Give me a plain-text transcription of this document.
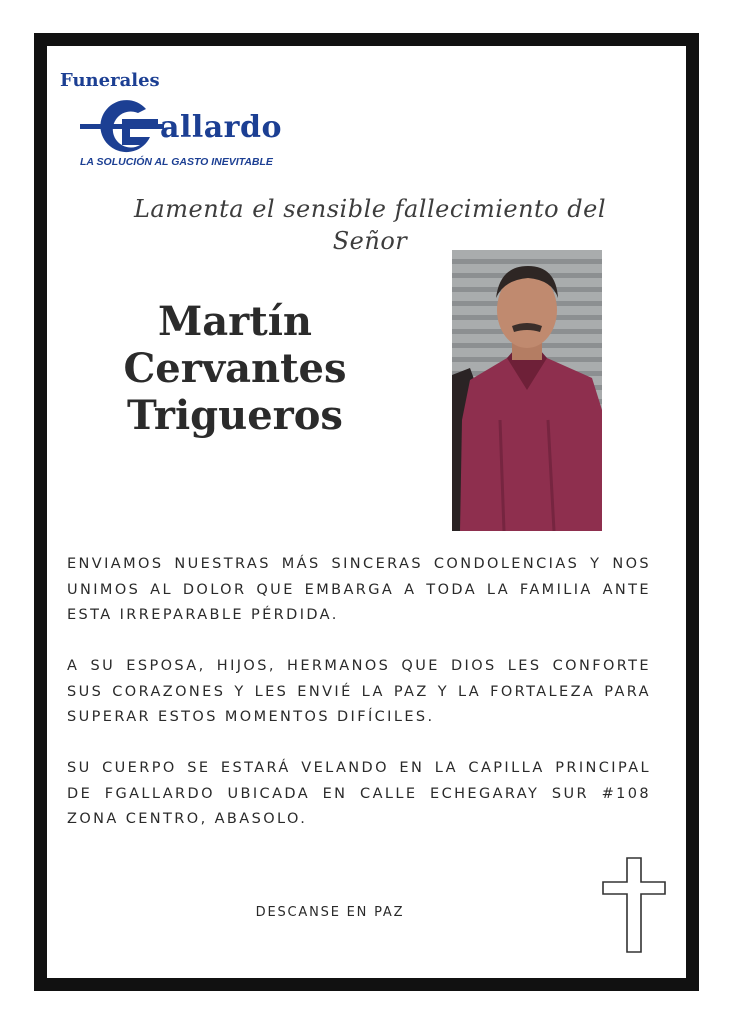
Funerales
allardo
LA SOLUCIÓN AL GASTO INEVITABLE
Lamenta el sensible fallecimiento del
Señor
Martín
Cervantes
Trigueros

ENVIAMOS NUESTRAS MÁS SINCERAS CONDOLENCIAS Y NOS UNIMOS AL DOLOR QUE EMBARGA A TODA LA FAMILIA ANTE ESTA IRREPARABLE PÉRDIDA.

A SU ESPOSA, HIJOS, HERMANOS QUE DIOS LES CONFORTE SUS CORAZONES Y LES ENVIÉ LA PAZ Y LA FORTALEZA PARA SUPERAR ESTOS MOMENTOS DIFÍCILES.

SU CUERPO SE ESTARÁ VELANDO EN LA CAPILLA PRINCIPAL DE FGALLARDO UBICADA EN CALLE ECHEGARAY SUR #108 ZONA CENTRO, ABASOLO.

DESCANSE EN PAZ
